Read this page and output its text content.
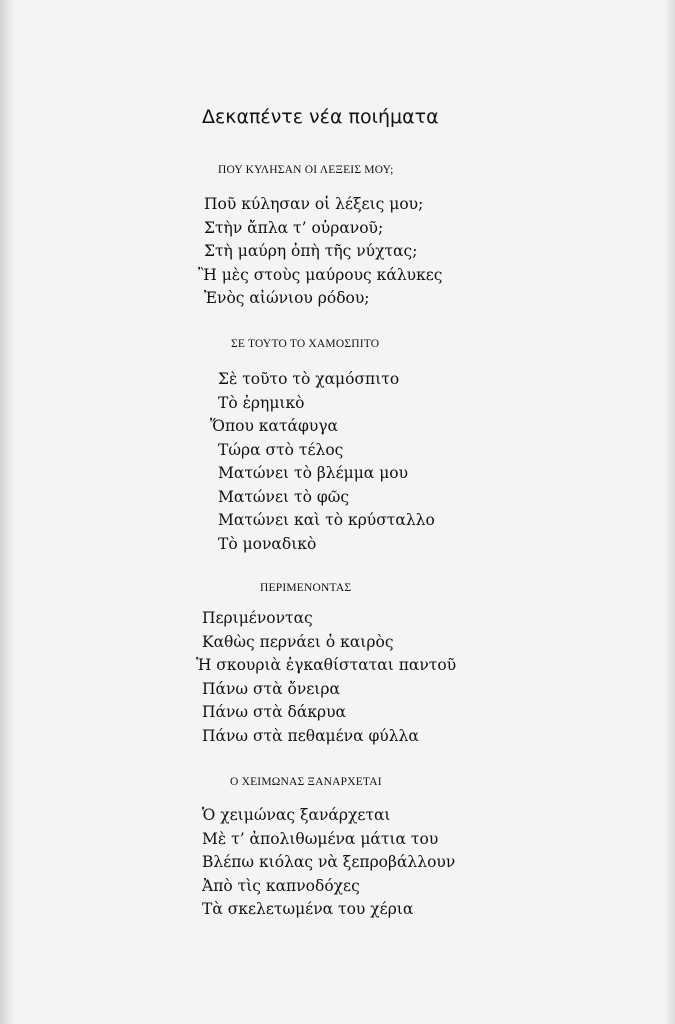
Δεκαπέντε νέα ποιήματα
ΠΟΥ ΚΥΛΗΣΑΝ ΟΙ ΛΕΞΕΙΣ ΜΟΥ;
Ποῦ κύλησαν οἱ λέξεις μου;
Στὴν ἄπλα τ’ οὐρανοῦ;
Στὴ μαύρη ὀπὴ τῆς νύχτας;
Ἢ μὲς στοὺς μαύρους κάλυκες
Ἑνὸς αἰώνιου ρόδου;
ΣΕ ΤΟΥΤΟ ΤΟ ΧΑΜΟΣΠΙΤΟ
Σὲ τοῦτο τὸ χαμόσπιτο
Τὸ ἐρημικὸ
Ὅπου κατάφυγα
Τώρα στὸ τέλος
Ματώνει τὸ βλέμμα μου
Ματώνει τὸ φῶς
Ματώνει καὶ τὸ κρύσταλλο
Τὸ μοναδικὸ
ΠΕΡΙΜΕΝΟΝΤΑΣ
Περιμένοντας
Καθὼς περνάει ὁ καιρὸς
Ἡ σκουριὰ ἐγκαθίσταται παντοῦ
Πάνω στὰ ὄνειρα
Πάνω στὰ δάκρυα
Πάνω στὰ πεθαμένα φύλλα
Ο ΧΕΙΜΩΝΑΣ ΞΑΝΑΡΧΕΤΑΙ
Ὁ χειμώνας ξανάρχεται
Μὲ τ’ ἀπολιθωμένα μάτια του
Βλέπω κιόλας νὰ ξεπροβάλλουν
Ἀπὸ τὶς καπνοδόχες
Τὰ σκελετωμένα του χέρια
